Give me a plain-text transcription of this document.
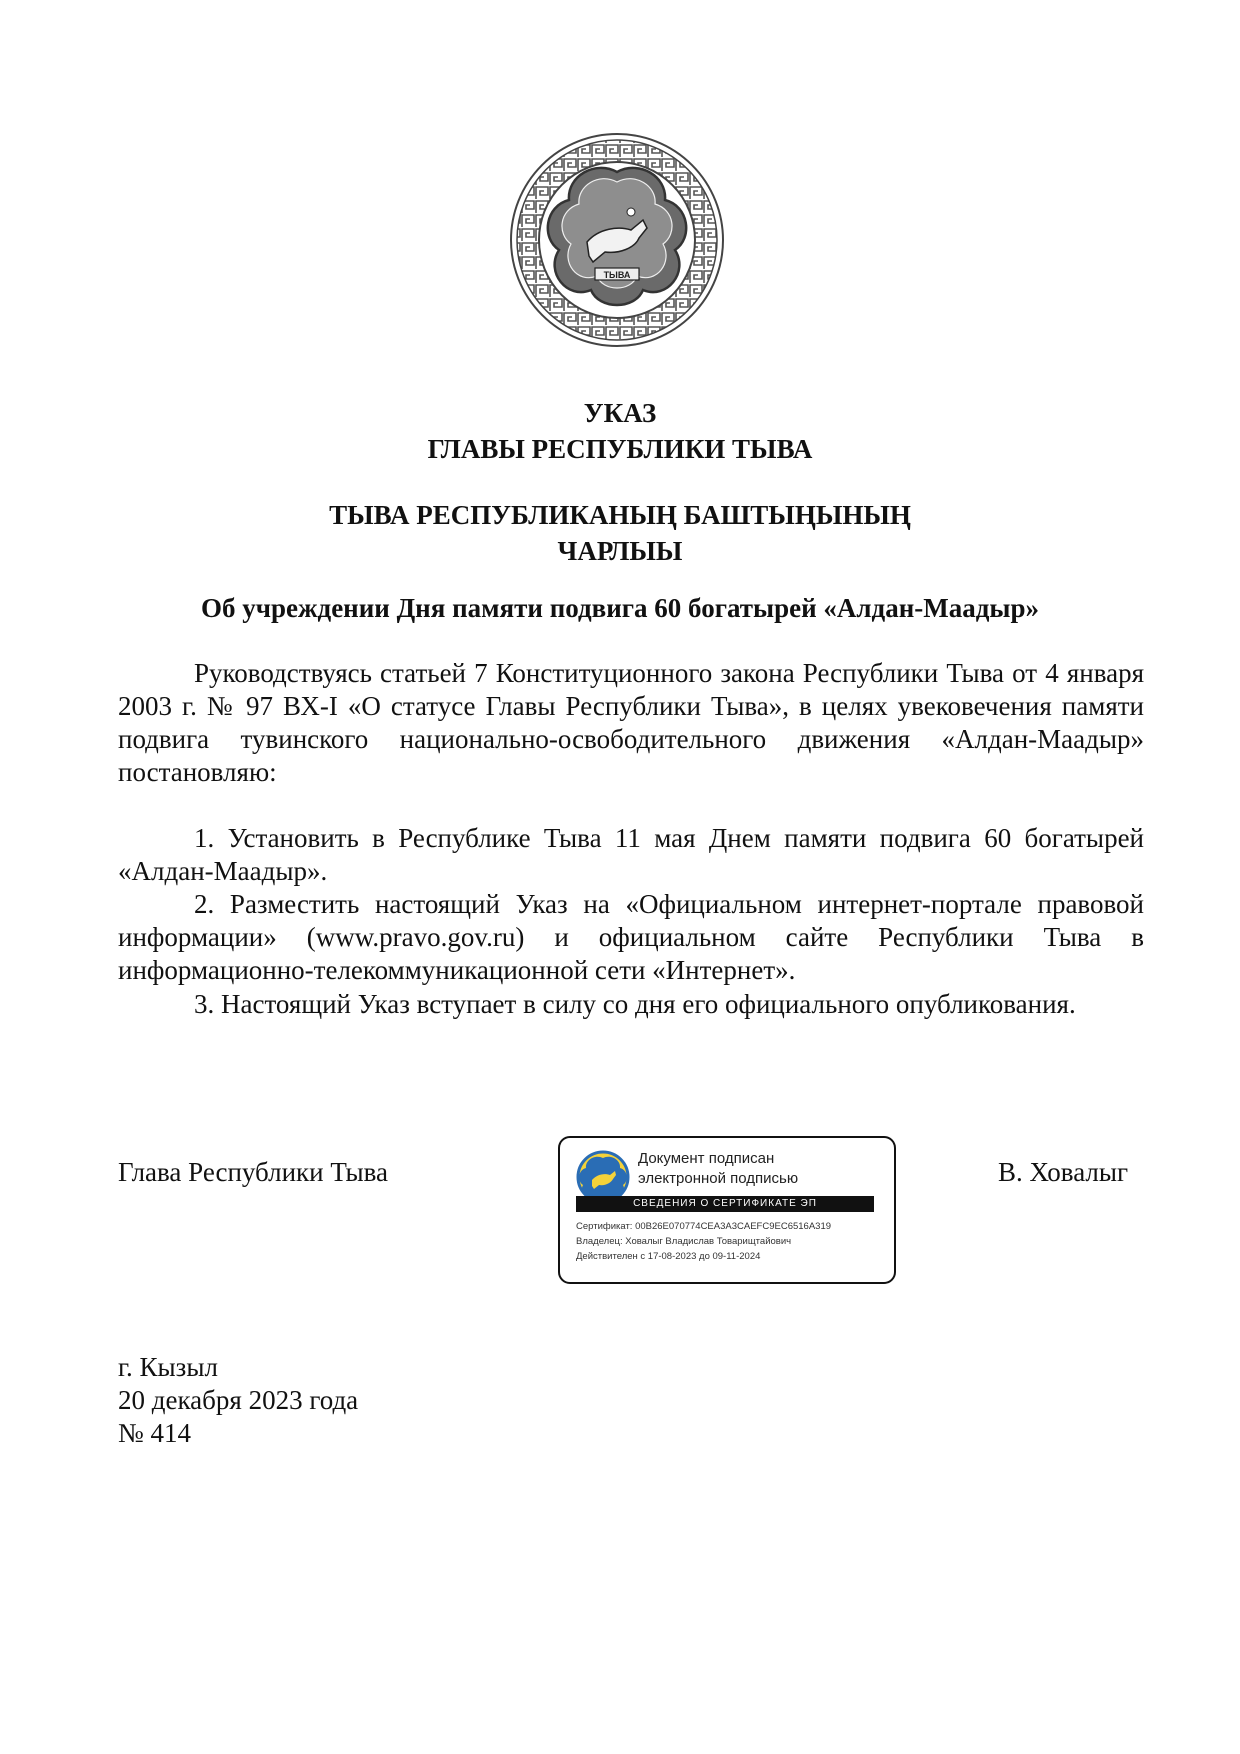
ТЫВА
УКАЗ
ГЛАВЫ РЕСПУБЛИКИ ТЫВА
ТЫВА РЕСПУБЛИКАНЫҢ БАШТЫҢЫНЫҢ
ЧАРЛЫЫ
Об учреждении Дня памяти подвига 60 богатырей «Алдан-Маадыр»

Руководствуясь статьей 7 Конституционного закона Республики Тыва от 4 января 2003 г. № 97 ВХ-I «О статусе Главы Республики Тыва», в целях увековечения памяти подвига тувинского национально-освободительного движения «Алдан-Маадыр» постановляю:

1. Установить в Республике Тыва 11 мая Днем памяти подвига 60 богатырей «Алдан-Маадыр».

2. Разместить настоящий Указ на «Официальном интернет-портале правовой информации» (www.pravo.gov.ru) и официальном сайте Республики Тыва в информационно-телекоммуникационной сети «Интернет».

3. Настоящий Указ вступает в силу со дня его официального опубликования.

Глава Республики Тыва	Документ подписан
электронной подписью
СВЕДЕНИЯ О СЕРТИФИКАТЕ ЭП
Сертификат: 00B26E070774CEA3A3CAEFC9EC6516A319
Владелец: Ховалыг Владислав Товарищтайович
Действителен с 17-08-2023 до 09-11-2024
В. Ховалыг
г. Кызыл
20 декабря 2023 года
№ 414
